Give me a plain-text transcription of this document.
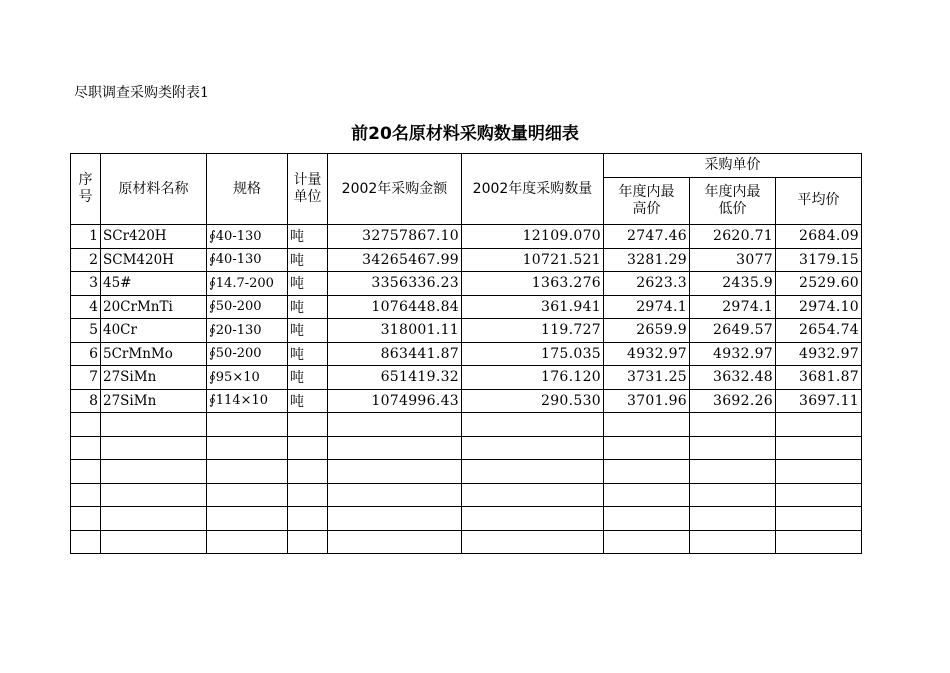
尽职调查采购类附表1
前20名原材料采购数量明细表
序号	原材料名称	规格	计量单位	2002年采购金额	2002年度采购数量	采购单价		
						年度内最高价	年度内最低价	平均价
1	SCr420H	∮40-130	吨	32757867.10	12109.070	2747.46	2620.71	2684.09
2	SCM420H	∮40-130	吨	34265467.99	10721.521	3281.29	3077	3179.15
3	45#	∮14.7-200	吨	3356336.23	1363.276	2623.3	2435.9	2529.60
4	20CrMnTi	∮50-200	吨	1076448.84	361.941	2974.1	2974.1	2974.10
5	40Cr	∮20-130	吨	318001.11	119.727	2659.9	2649.57	2654.74
6	5CrMnMo	∮50-200	吨	863441.87	175.035	4932.97	4932.97	4932.97
7	27SiMn	∮95×10	吨	651419.32	176.120	3731.25	3632.48	3681.87
8	27SiMn	∮114×10	吨	1074996.43	290.530	3701.96	3692.26	3697.11
